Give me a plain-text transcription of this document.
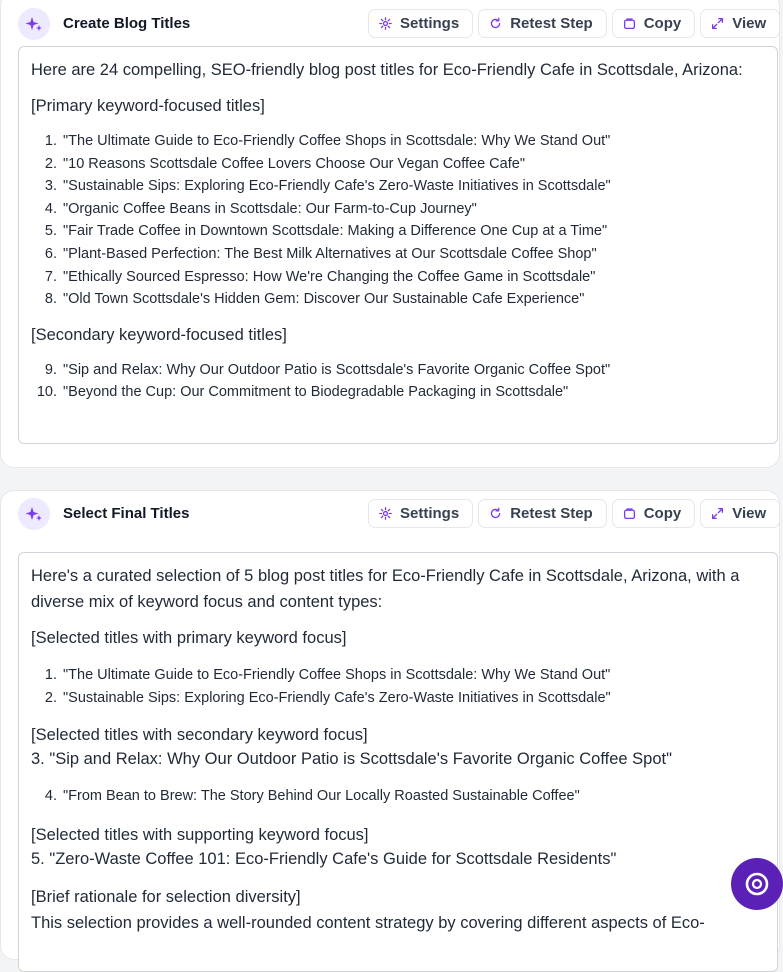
Create Blog Titles	Settings	Retest Step	Copy	View

Here are 24 compelling, SEO-friendly blog post titles for Eco-Friendly Cafe in Scottsdale, Arizona:

[Primary keyword-focused titles]

1. "The Ultimate Guide to Eco-Friendly Coffee Shops in Scottsdale: Why We Stand Out"
2. "10 Reasons Scottsdale Coffee Lovers Choose Our Vegan Coffee Cafe"
3. "Sustainable Sips: Exploring Eco-Friendly Cafe's Zero-Waste Initiatives in Scottsdale"
4. "Organic Coffee Beans in Scottsdale: Our Farm-to-Cup Journey"
5. "Fair Trade Coffee in Downtown Scottsdale: Making a Difference One Cup at a Time"
6. "Plant-Based Perfection: The Best Milk Alternatives at Our Scottsdale Coffee Shop"
7. "Ethically Sourced Espresso: How We're Changing the Coffee Game in Scottsdale"
8. "Old Town Scottsdale's Hidden Gem: Discover Our Sustainable Cafe Experience"

[Secondary keyword-focused titles]

9. "Sip and Relax: Why Our Outdoor Patio is Scottsdale's Favorite Organic Coffee Spot"
10. "Beyond the Cup: Our Commitment to Biodegradable Packaging in Scottsdale"
Select Final Titles	Settings	Retest Step	Copy	View

Here's a curated selection of 5 blog post titles for Eco-Friendly Cafe in Scottsdale, Arizona, with a diverse mix of keyword focus and content types:

[Selected titles with primary keyword focus]

1. "The Ultimate Guide to Eco-Friendly Coffee Shops in Scottsdale: Why We Stand Out"
2. "Sustainable Sips: Exploring Eco-Friendly Cafe's Zero-Waste Initiatives in Scottsdale"

[Selected titles with secondary keyword focus]

3. "Sip and Relax: Why Our Outdoor Patio is Scottsdale's Favorite Organic Coffee Spot"

4. "From Bean to Brew: The Story Behind Our Locally Roasted Sustainable Coffee"

[Selected titles with supporting keyword focus]

5. "Zero-Waste Coffee 101: Eco-Friendly Cafe's Guide for Scottsdale Residents"

[Brief rationale for selection diversity]

This selection provides a well-rounded content strategy by covering different aspects of Eco-
